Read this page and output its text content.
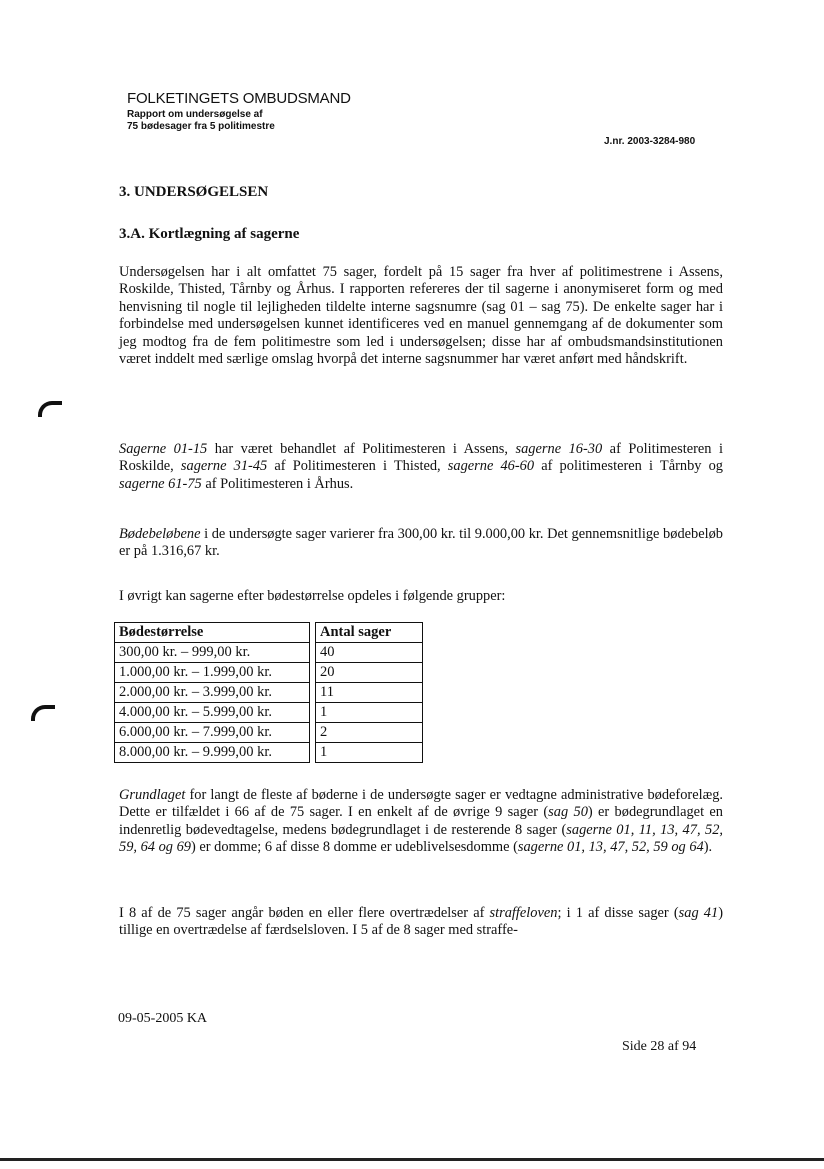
FOLKETINGETS OMBUDSMAND
Rapport om undersøgelse af
75 bødesager fra 5 politimestre
J.nr. 2003-3284-980
3. UNDERSØGELSEN
3.A. Kortlægning af sagerne
Undersøgelsen har i alt omfattet 75 sager, fordelt på 15 sager fra hver af politimestrene i Assens, Roskilde, Thisted, Tårnby og Århus. I rapporten refereres der til sagerne i anonymiseret form og med henvisning til nogle til lejligheden tildelte interne sagsnumre (sag 01 – sag 75). De enkelte sager har i forbindelse med undersøgelsen kunnet identificeres ved en manuel gennemgang af de dokumenter som jeg modtog fra de fem politimestre som led i undersøgelsen; disse har af ombudsmandsinstitutionen været inddelt med særlige omslag hvorpå det interne sagsnummer har været anført med håndskrift.
Sagerne 01-15 har været behandlet af Politimesteren i Assens, sagerne 16-30 af Politimesteren i Roskilde, sagerne 31-45 af Politimesteren i Thisted, sagerne 46-60 af politimesteren i Tårnby og sagerne 61-75 af Politimesteren i Århus.
Bødebeløbene i de undersøgte sager varierer fra 300,00 kr. til 9.000,00 kr. Det gennemsnitlige bødebeløb er på 1.316,67 kr.
I øvrigt kan sagerne efter bødestørrelse opdeles i følgende grupper:
Bødestørrelse		Antal sager
300,00 kr. – 999,00 kr.		40
1.000,00 kr. – 1.999,00 kr.		20
2.000,00 kr. – 3.999,00 kr.		11
4.000,00 kr. – 5.999,00 kr.		1
6.000,00 kr. – 7.999,00 kr.		2
8.000,00 kr. – 9.999,00 kr.		1
Grundlaget for langt de fleste af bøderne i de undersøgte sager er vedtagne administrative bødeforelæg. Dette er tilfældet i 66 af de 75 sager. I en enkelt af de øvrige 9 sager (sag 50) er bødegrundlaget en indenretlig bødevedtagelse, medens bødegrundlaget i de resterende 8 sager (sagerne 01, 11, 13, 47, 52, 59, 64 og 69) er domme; 6 af disse 8 domme er udeblivelsesdomme (sagerne 01, 13, 47, 52, 59 og 64).
I 8 af de 75 sager angår bøden en eller flere overtrædelser af straffeloven; i 1 af disse sager (sag 41) tillige en overtrædelse af færdselsloven. I 5 af de 8 sager med straffe-
09-05-2005 KA
Side 28 af 94
